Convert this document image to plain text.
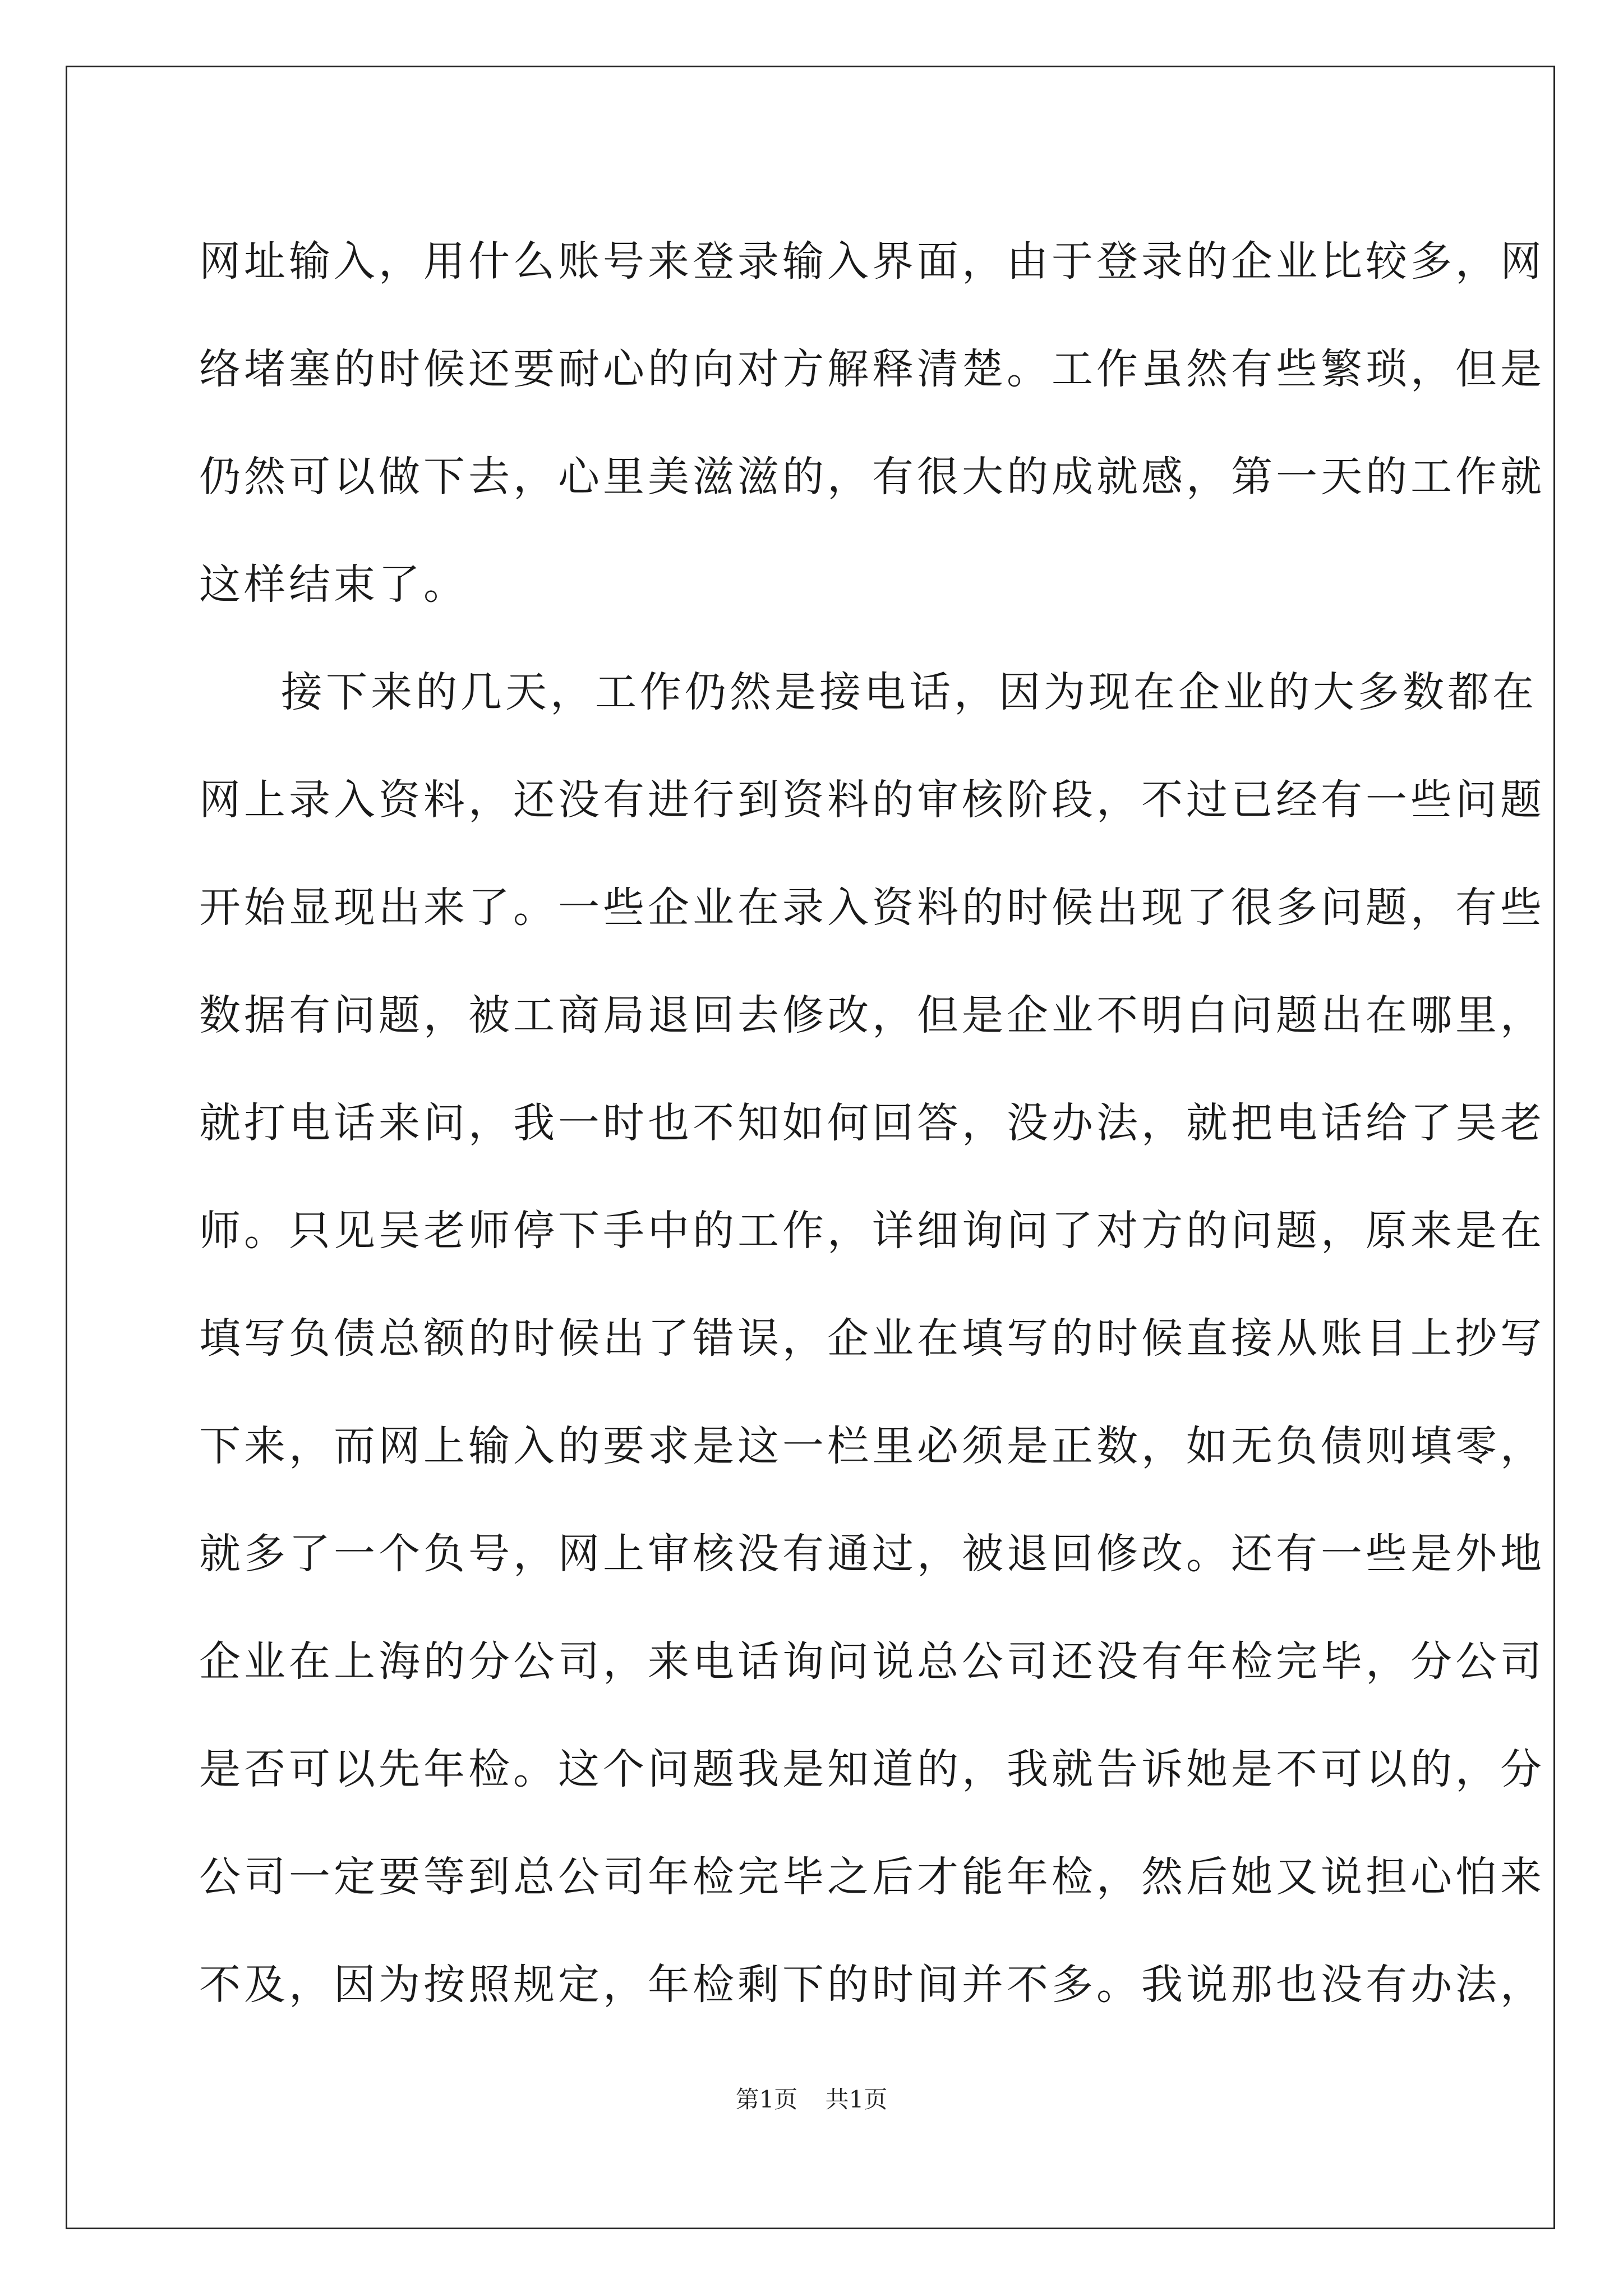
网址输入，用什么账号来登录输入界面，由于登录的企业比较多，网
络堵塞的时候还要耐心的向对方解释清楚。工作虽然有些繁琐，但是
仍然可以做下去，心里美滋滋的，有很大的成就感，第一天的工作就
这样结束了。
接下来的几天，工作仍然是接电话，因为现在企业的大多数都在
网上录入资料，还没有进行到资料的审核阶段，不过已经有一些问题
开始显现出来了。一些企业在录入资料的时候出现了很多问题，有些
数据有问题，被工商局退回去修改，但是企业不明白问题出在哪里，
就打电话来问，我一时也不知如何回答，没办法，就把电话给了吴老
师。只见吴老师停下手中的工作，详细询问了对方的问题，原来是在
填写负债总额的时候出了错误，企业在填写的时候直接从账目上抄写
下来，而网上输入的要求是这一栏里必须是正数，如无负债则填零，
就多了一个负号，网上审核没有通过，被退回修改。还有一些是外地
企业在上海的分公司，来电话询问说总公司还没有年检完毕，分公司
是否可以先年检。这个问题我是知道的，我就告诉她是不可以的，分
公司一定要等到总公司年检完毕之后才能年检，然后她又说担心怕来
不及，因为按照规定，年检剩下的时间并不多。我说那也没有办法，
第1页 共1页
